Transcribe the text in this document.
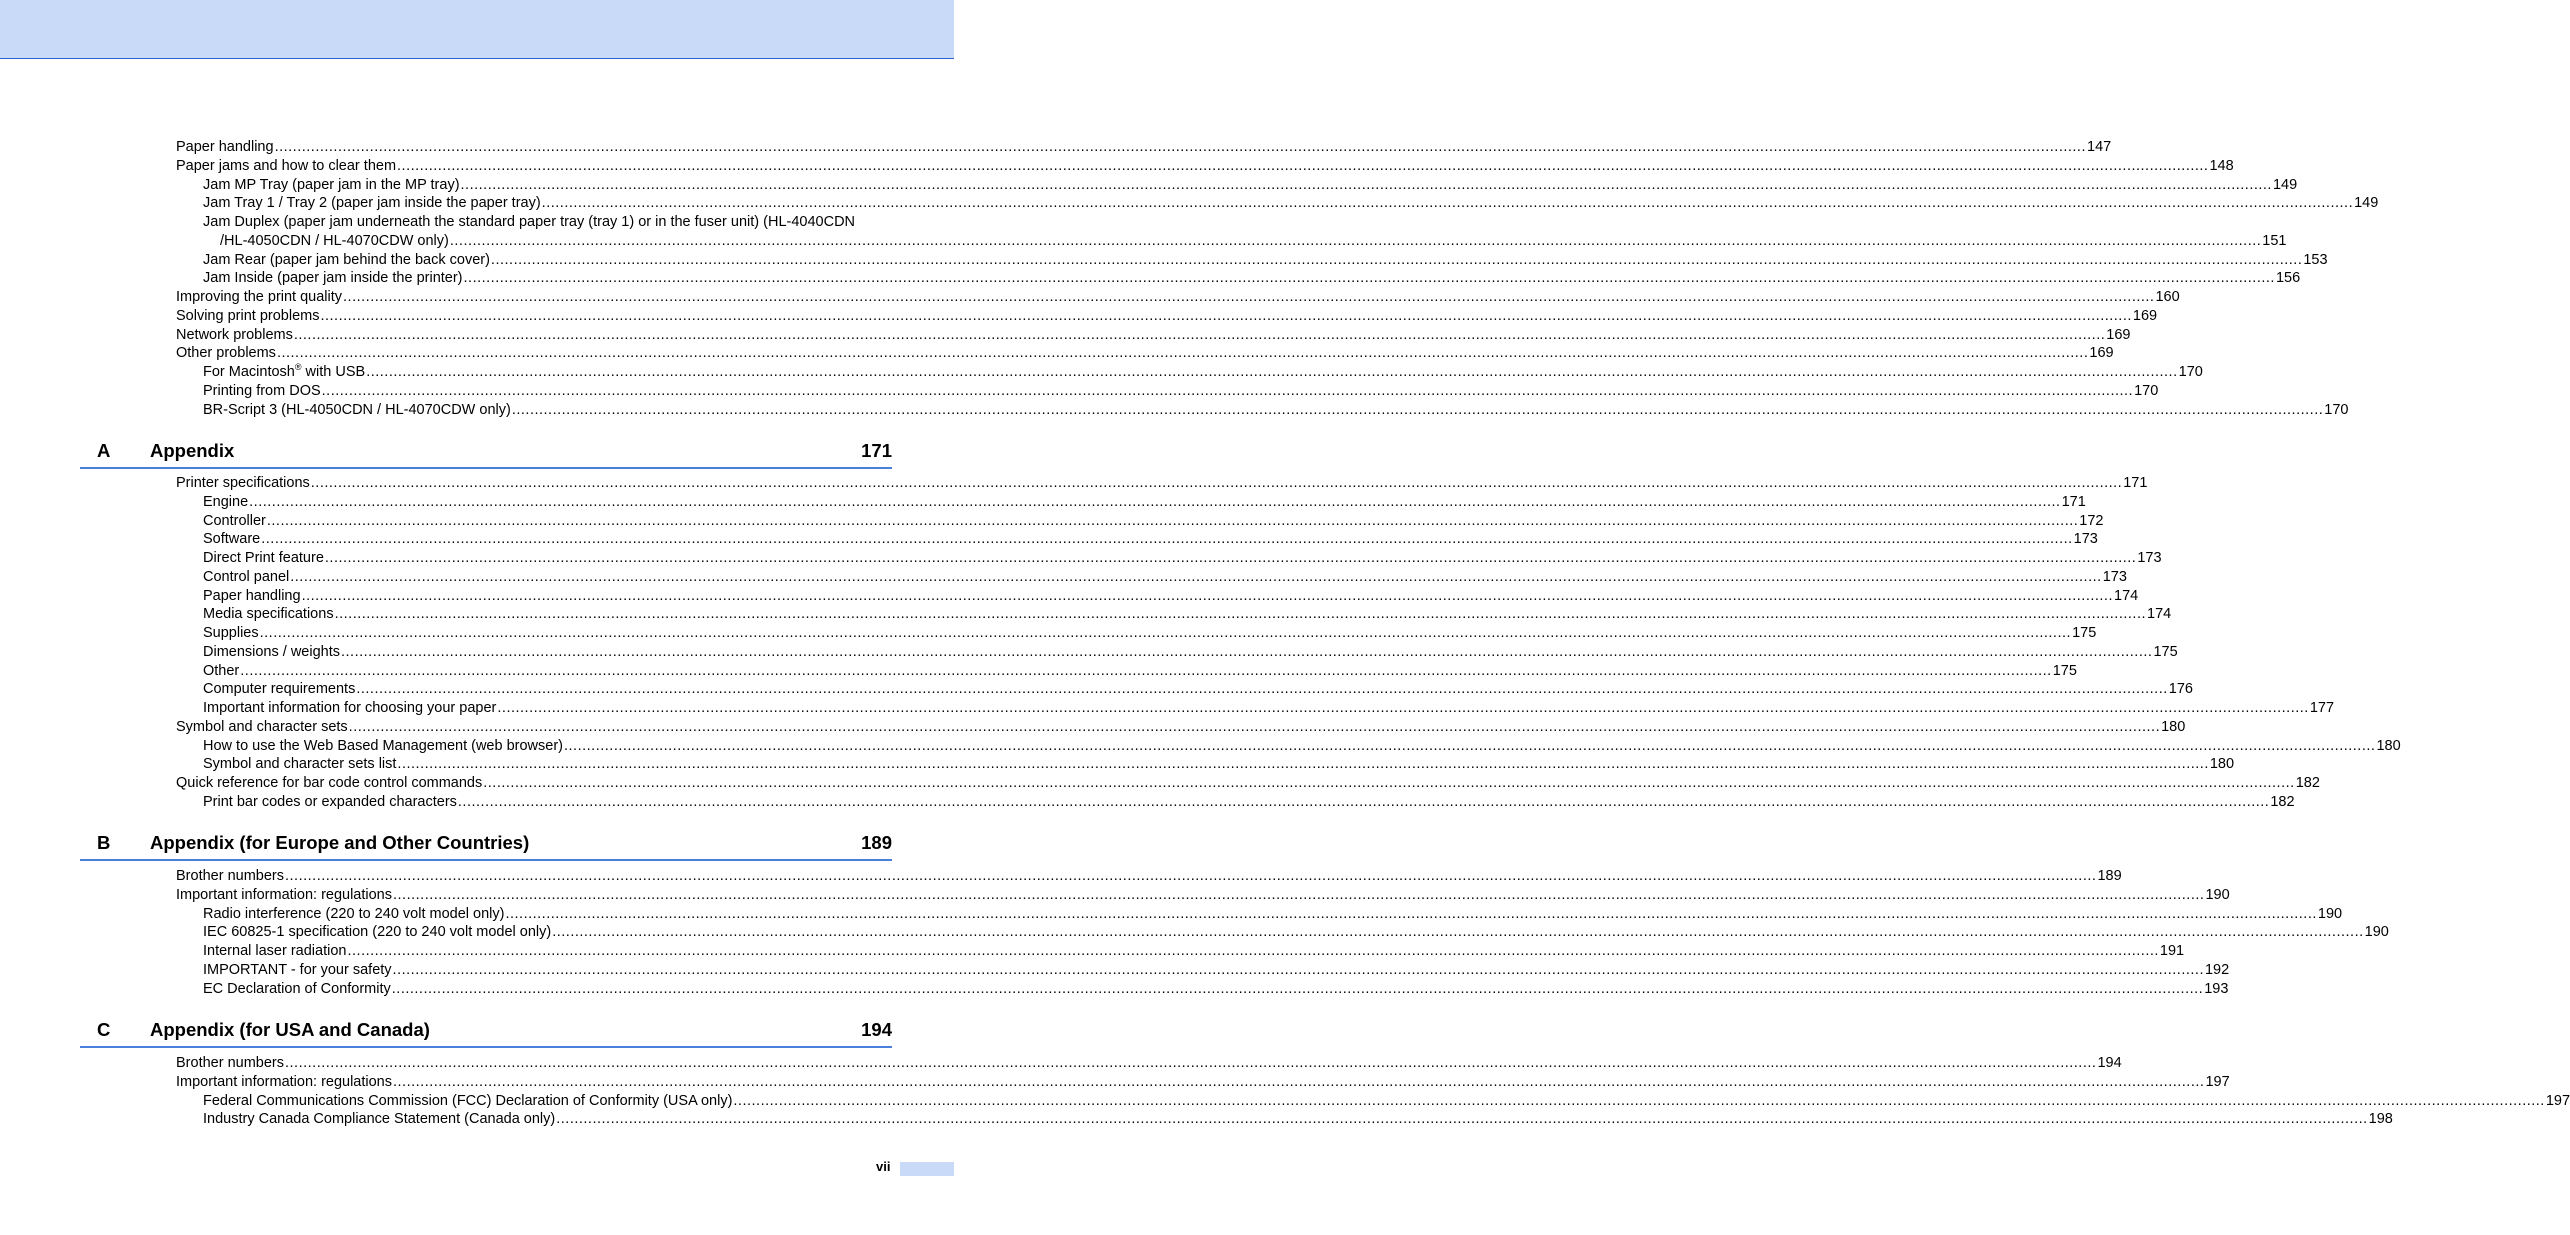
Paper handling ................................................................................................................................................................................................................................................................................................................................................................................................................ 147
Paper jams and how to clear them ................................................................................................................................................................................................................................................................................................................................................................................................................ 148
Jam MP Tray (paper jam in the MP tray) ................................................................................................................................................................................................................................................................................................................................................................................................................ 149
Jam Tray 1 / Tray 2 (paper jam inside the paper tray) ................................................................................................................................................................................................................................................................................................................................................................................................................ 149
Jam Duplex (paper jam underneath the standard paper tray (tray 1) or in the fuser unit) (HL-4040CDN
/HL-4050CDN / HL-4070CDW only) ................................................................................................................................................................................................................................................................................................................................................................................................................ 151
Jam Rear (paper jam behind the back cover) ................................................................................................................................................................................................................................................................................................................................................................................................................ 153
Jam Inside (paper jam inside the printer) ................................................................................................................................................................................................................................................................................................................................................................................................................ 156
Improving the print quality ................................................................................................................................................................................................................................................................................................................................................................................................................ 160
Solving print problems ................................................................................................................................................................................................................................................................................................................................................................................................................ 169
Network problems ................................................................................................................................................................................................................................................................................................................................................................................................................ 169
Other problems ................................................................................................................................................................................................................................................................................................................................................................................................................ 169
For Macintosh® with USB ................................................................................................................................................................................................................................................................................................................................................................................................................ 170
Printing from DOS ................................................................................................................................................................................................................................................................................................................................................................................................................ 170
BR-Script 3 (HL-4050CDN / HL-4070CDW only) ................................................................................................................................................................................................................................................................................................................................................................................................................ 170
A Appendix	171
Printer specifications ................................................................................................................................................................................................................................................................................................................................................................................................................ 171
Engine ................................................................................................................................................................................................................................................................................................................................................................................................................ 171
Controller ................................................................................................................................................................................................................................................................................................................................................................................................................ 172
Software ................................................................................................................................................................................................................................................................................................................................................................................................................ 173
Direct Print feature ................................................................................................................................................................................................................................................................................................................................................................................................................ 173
Control panel ................................................................................................................................................................................................................................................................................................................................................................................................................ 173
Paper handling ................................................................................................................................................................................................................................................................................................................................................................................................................ 174
Media specifications ................................................................................................................................................................................................................................................................................................................................................................................................................ 174
Supplies ................................................................................................................................................................................................................................................................................................................................................................................................................ 175
Dimensions / weights ................................................................................................................................................................................................................................................................................................................................................................................................................ 175
Other ................................................................................................................................................................................................................................................................................................................................................................................................................ 175
Computer requirements ................................................................................................................................................................................................................................................................................................................................................................................................................ 176
Important information for choosing your paper ................................................................................................................................................................................................................................................................................................................................................................................................................ 177
Symbol and character sets ................................................................................................................................................................................................................................................................................................................................................................................................................ 180
How to use the Web Based Management (web browser) ................................................................................................................................................................................................................................................................................................................................................................................................................ 180
Symbol and character sets list ................................................................................................................................................................................................................................................................................................................................................................................................................ 180
Quick reference for bar code control commands ................................................................................................................................................................................................................................................................................................................................................................................................................ 182
Print bar codes or expanded characters ................................................................................................................................................................................................................................................................................................................................................................................................................ 182
B Appendix (for Europe and Other Countries)	189
Brother numbers ................................................................................................................................................................................................................................................................................................................................................................................................................ 189
Important information: regulations ................................................................................................................................................................................................................................................................................................................................................................................................................ 190
Radio interference (220 to 240 volt model only) ................................................................................................................................................................................................................................................................................................................................................................................................................ 190
IEC 60825-1 specification (220 to 240 volt model only) ................................................................................................................................................................................................................................................................................................................................................................................................................ 190
Internal laser radiation ................................................................................................................................................................................................................................................................................................................................................................................................................ 191
IMPORTANT - for your safety ................................................................................................................................................................................................................................................................................................................................................................................................................ 192
EC Declaration of Conformity ................................................................................................................................................................................................................................................................................................................................................................................................................ 193
C Appendix (for USA and Canada)	194
Brother numbers ................................................................................................................................................................................................................................................................................................................................................................................................................ 194
Important information: regulations ................................................................................................................................................................................................................................................................................................................................................................................................................ 197
Federal Communications Commission (FCC) Declaration of Conformity (USA only) ................................................................................................................................................................................................................................................................................................................................................................................................................ 197
Industry Canada Compliance Statement (Canada only) ................................................................................................................................................................................................................................................................................................................................................................................................................ 198
vii
